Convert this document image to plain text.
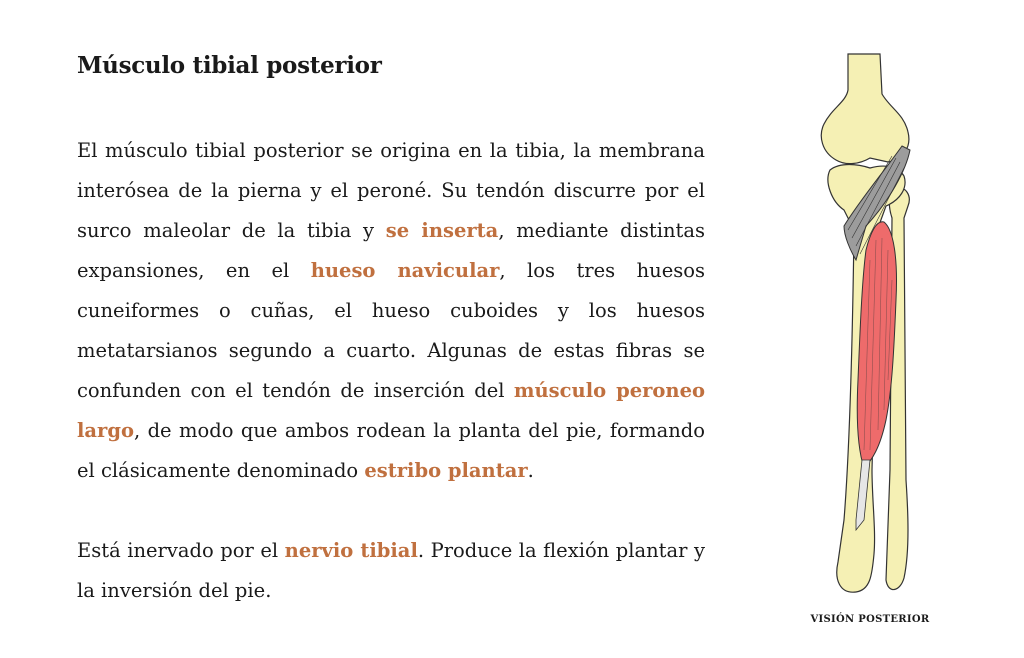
Músculo tibial posterior

El músculo tibial posterior se origina en la tibia, la membrana interósea de la pierna y el peroné. Su tendón discurre por el surco maleolar de la tibia y se inserta, mediante distintas expansiones, en el hueso navicular, los tres huesos cuneiformes o cuñas, el hueso cuboides y los huesos metatarsianos segundo a cuarto. Algunas de estas fibras se confunden con el tendón de inserción del músculo peroneo largo, de modo que ambos rodean la planta del pie, formando el clásicamente denominado estribo plantar.

Está inervado por el nervio tibial. Produce la flexión plantar y la inversión del pie.

VISIÓN POSTERIOR
